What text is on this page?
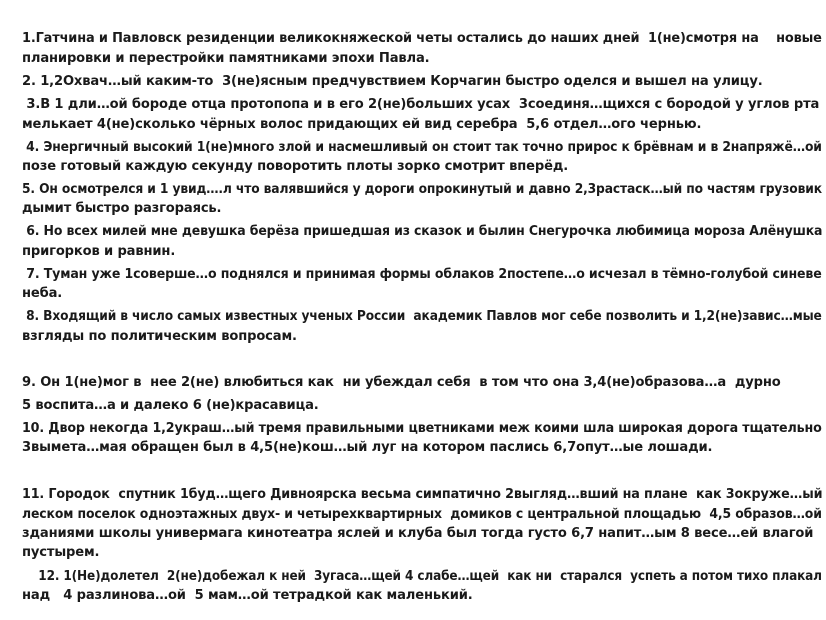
1.Гатчина и Павловск резиденции великокняжеской четы остались до наших дней  1(не)смотря на    новые
планировки и перестройки памятниками эпохи Павла.
2. 1,2Охвач…ый каким-то  3(не)ясным предчувствием Корчагин быстро оделся и вышел на улицу.
3.В 1 дли…ой бороде отца протопопа и в его 2(не)больших усах  3соединя…щихся с бородой у углов рта
мелькает 4(не)сколько чёрных волос придающих ей вид серебра  5,6 отдел…ого чернью.
4. Энергичный высокий 1(не)много злой и насмешливый он стоит так точно прирос к брёвнам и в 2напряжё…ой
позе готовый каждую секунду поворотить плоты зорко смотрит вперёд.
5. Он осмотрелся и 1 увид….л что валявшийся у дороги опрокинутый и давно 2,3растаск…ый по частям грузовик
дымит быстро разгораясь.
6. Но всех милей мне девушка берёза пришедшая из сказок и былин Снегурочка любимица мороза Алёнушка
пригорков и равнин.
7. Туман уже 1соверше…о поднялся и принимая формы облаков 2постепе…о исчезал в тёмно-голубой синеве
неба.
8. Входящий в число самых известных ученых России  академик Павлов мог себе позволить и 1,2(не)завис…мые
взгляды по политическим вопросам.
9. Он 1(не)мог в  нее 2(не) влюбиться как  ни убеждал себя  в том что она 3,4(не)образова…а  дурно
5 воспита…а и далеко 6 (не)красавица.
10. Двор некогда 1,2украш…ый тремя правильными цветниками меж коими шла широкая дорога тщательно
3вымета…мая обращен был в 4,5(не)кош…ый луг на котором паслись 6,7опут…ые лошади.
11. Городок  спутник 1буд…щего Дивноярска весьма симпатично 2выгляд…вший на плане  как 3окруже…ый
леском поселок одноэтажных двух- и четырехквартирных  домиков с центральной площадью  4,5 образов…ой
зданиями школы универмага кинотеатра яслей и клуба был тогда густо 6,7 напит…ым 8 весе…ей влагой
пустырем.
12. 1(Не)долетел  2(не)добежал к ней  3угаса…щей 4 слабе…щей  как ни  старался  успеть а потом тихо плакал
над   4 разлинова…ой  5 мам…ой тетрадкой как маленький.
